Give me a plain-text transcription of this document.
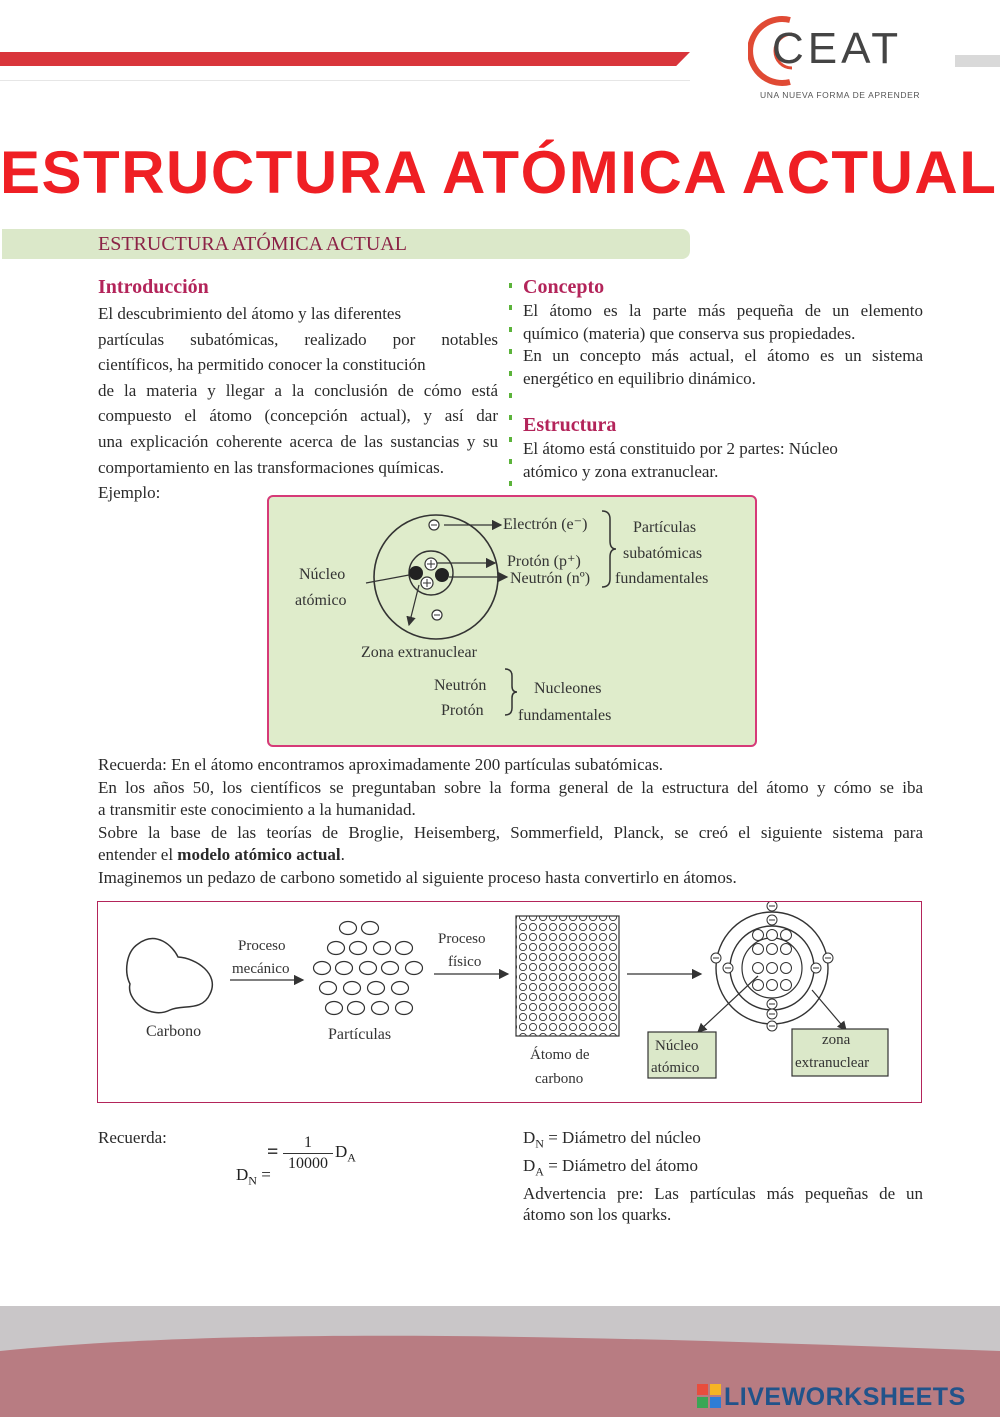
CEAT
UNA NUEVA FORMA DE APRENDER
ESTRUCTURA ATÓMICA ACTUAL
ESTRUCTURA ATÓMICA ACTUAL
Introducción
El descubrimiento del átomo y las diferentes
partículas subatómicas, realizado por notables
científicos, ha permitido conocer la constitución
de la materia y llegar a la conclusión de cómo está
compuesto el átomo (concepción actual), y así dar
una explicación coherente acerca de las sustancias y su
comportamiento en las transformaciones químicas.
Ejemplo:
Concepto
El átomo es la parte más pequeña de un elemento
químico (materia) que conserva sus propiedades.
En un concepto más actual, el átomo es un sistema
energético en equilibrio dinámico.
Estructura
El átomo está constituido por 2 partes: Núcleo
atómico y zona extranuclear.
Electrón (e⁻)
Protón (p⁺)
Neutrón (nº)
Partículas
subatómicas
fundamentales
Núcleo
atómico
Zona extranuclear
Neutrón
Protón
Nucleones
fundamentales
Recuerda: En el átomo encontramos aproximadamente 200 partículas subatómicas.
En los años 50, los científicos se preguntaban sobre la forma general de la estructura del átomo y cómo se iba
a transmitir este conocimiento a la humanidad.
Sobre la base de las teorías de Broglie, Heisemberg, Sommerfield, Planck, se creó el siguiente sistema para
entender el modelo atómico actual.
Imaginemos un pedazo de carbono sometido al siguiente proceso hasta convertirlo en átomos.
Carbono
Proceso
mecánico
Partículas
Proceso
físico
Átomo de
carbono
Núcleo
atómico
zona
extranuclear
Recuerda:
=	1
10000
$D_A$
$D_N$ =
$D_N$ = Diámetro del núcleo
$D_A$ = Diámetro del átomo
Advertencia pre: Las partículas más pequeñas de un
átomo son los quarks.
LIVEWORKSHEETS
